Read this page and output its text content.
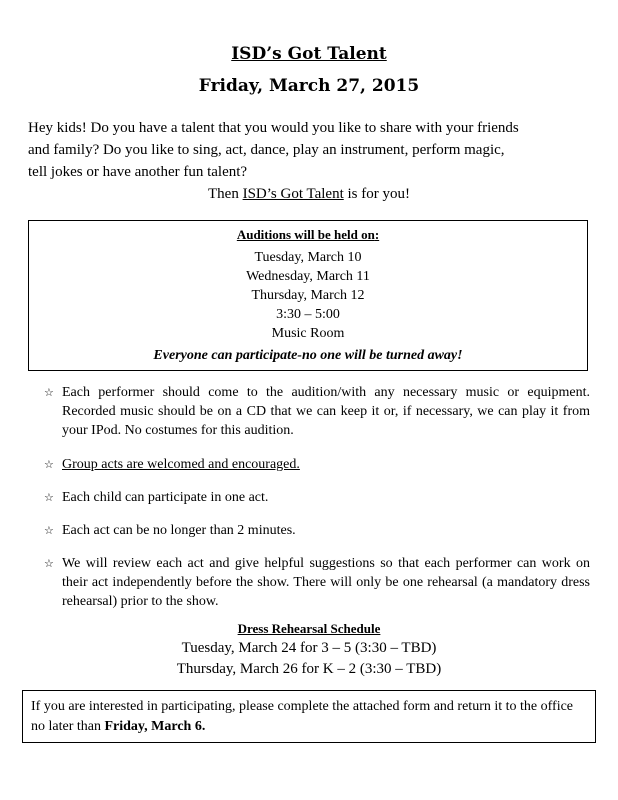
ISD’s Got Talent
Friday, March 27, 2015

Hey kids! Do you have a talent that you would you like to share with your friends
and family? Do you like to sing, act, dance, play an instrument, perform magic,
tell jokes or have another fun talent?

Then ISD’s Got Talent is for you!
Auditions will be held on:
Tuesday, March 10
Wednesday, March 11
Thursday, March 12
3:30 – 5:00
Music Room
Everyone can participate-no one will be turned away!
☆ Each performer should come to the audition/with any necessary music or equipment. Recorded music should be on a CD that we can keep it or, if necessary, we can play it from your IPod. No costumes for this audition.
☆ Group acts are welcomed and encouraged.
☆ Each child can participate in one act.
☆ Each act can be no longer than 2 minutes.
☆ We will review each act and give helpful suggestions so that each performer can work on their act independently before the show. There will only be one rehearsal (a mandatory dress rehearsal) prior to the show.
Dress Rehearsal Schedule
Tuesday, March 24 for 3 – 5 (3:30 – TBD)
Thursday, March 26 for K – 2 (3:30 – TBD)
If you are interested in participating, please complete the attached form and return it to the office no later than Friday, March 6.
